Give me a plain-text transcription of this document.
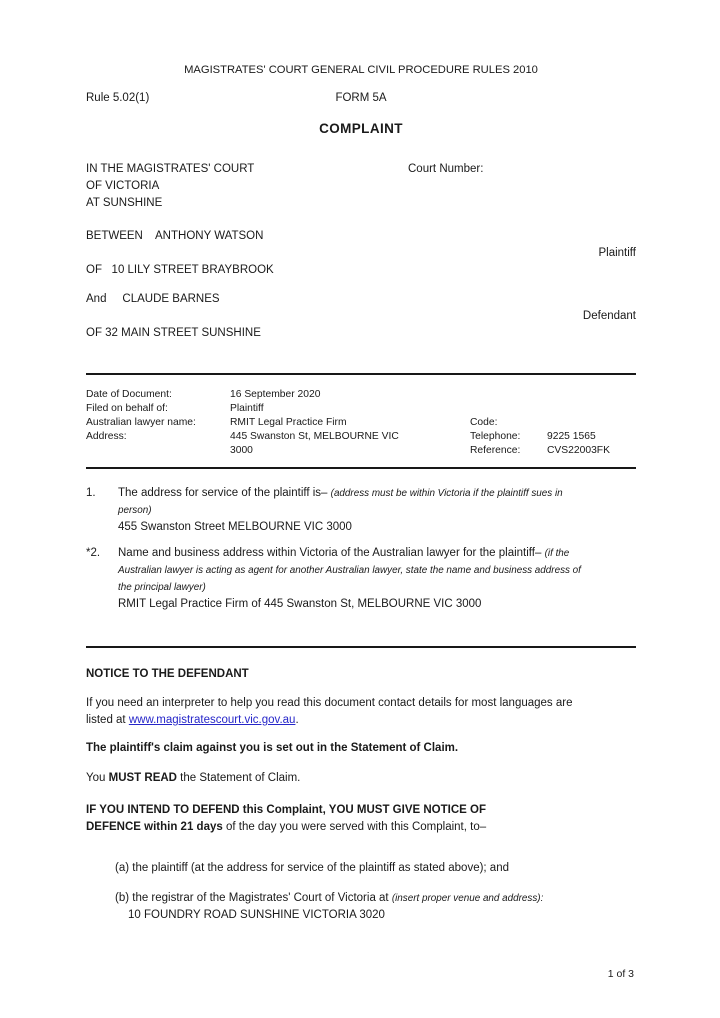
MAGISTRATES' COURT GENERAL CIVIL PROCEDURE RULES 2010
Rule 5.02(1)	FORM 5A
COMPLAINT
IN THE MAGISTRATES' COURT
OF VICTORIA
AT SUNSHINE
Court Number:
BETWEEN    ANTHONY WATSON
Plaintiff
OF   10 LILY STREET BRAYBROOK
And     CLAUDE BARNES
Defendant
OF 32 MAIN STREET SUNSHINE
Date of Document:	16 September 2020
Filed on behalf of:	Plaintiff
Australian lawyer name:	RMIT Legal Practice Firm
Address:	445 Swanston St, MELBOURNE VIC 3000
Code:
Telephone:	9225 1565
Reference:	CVS22003FK
1. The address for service of the plaintiff is– (address must be within Victoria if the plaintiff sues in person)
455 Swanston Street MELBOURNE VIC 3000
*2. Name and business address within Victoria of the Australian lawyer for the plaintiff– (if the Australian lawyer is acting as agent for another Australian lawyer, state the name and business address of the principal lawyer)
RMIT Legal Practice Firm of 445 Swanston St, MELBOURNE VIC 3000
NOTICE TO THE DEFENDANT
If you need an interpreter to help you read this document contact details for most languages are listed at www.magistratescourt.vic.gov.au.
The plaintiff's claim against you is set out in the Statement of Claim.
You MUST READ the Statement of Claim.
IF YOU INTEND TO DEFEND this Complaint, YOU MUST GIVE NOTICE OF DEFENCE within 21 days of the day you were served with this Complaint, to–
(a) the plaintiff (at the address for service of the plaintiff as stated above); and
(b) the registrar of the Magistrates' Court of Victoria at (insert proper venue and address):
10 FOUNDRY ROAD SUNSHINE VICTORIA 3020
1 of 3
